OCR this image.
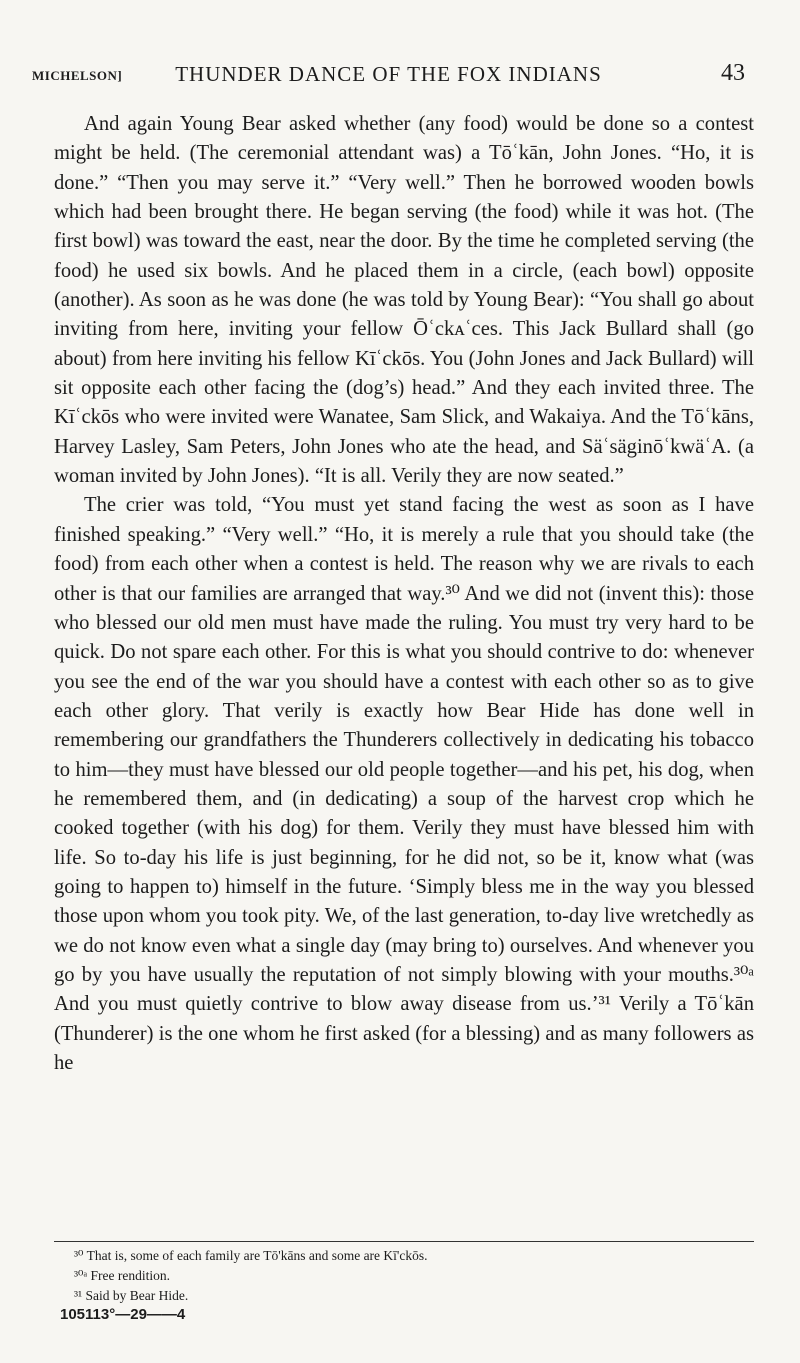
MICHELSON]	THUNDER DANCE OF THE FOX INDIANS	43

And again Young Bear asked whether (any food) would be done so a contest might be held. (The ceremonial attendant was) a Tōʿkān, John Jones. “Ho, it is done.” “Then you may serve it.” “Very well.” Then he borrowed wooden bowls which had been brought there. He began serving (the food) while it was hot. (The first bowl) was toward the east, near the door. By the time he completed serving (the food) he used six bowls. And he placed them in a circle, (each bowl) opposite (another). As soon as he was done (he was told by Young Bear): “You shall go about inviting from here, inviting your fellow Ōʿckᴀʿces. This Jack Bullard shall (go about) from here inviting his fellow Kīʿckōs. You (John Jones and Jack Bullard) will sit opposite each other facing the (dog’s) head.” And they each invited three. The Kīʿckōs who were invited were Wanatee, Sam Slick, and Wakaiya. And the Tōʿkāns, Harvey Lasley, Sam Peters, John Jones who ate the head, and SäʿsäginōʿkwäʿA. (a woman invited by John Jones). “It is all. Verily they are now seated.”

The crier was told, “You must yet stand facing the west as soon as I have finished speaking.” “Very well.” “Ho, it is merely a rule that you should take (the food) from each other when a contest is held. The reason why we are rivals to each other is that our families are arranged that way.³⁰ And we did not (invent this): those who blessed our old men must have made the ruling. You must try very hard to be quick. Do not spare each other. For this is what you should contrive to do: whenever you see the end of the war you should have a contest with each other so as to give each other glory. That verily is exactly how Bear Hide has done well in remembering our grandfathers the Thunderers collectively in dedicating his tobacco to him—they must have blessed our old people together—and his pet, his dog, when he remembered them, and (in dedicating) a soup of the harvest crop which he cooked together (with his dog) for them. Verily they must have blessed him with life. So to-day his life is just beginning, for he did not, so be it, know what (was going to happen to) himself in the future. ‘Simply bless me in the way you blessed those upon whom you took pity. We, of the last generation, to-day live wretchedly as we do not know even what a single day (may bring to) ourselves. And whenever you go by you have usually the reputation of not simply blowing with your mouths.³⁰ᵃ And you must quietly contrive to blow away disease from us.’³¹ Verily a Tōʿkān (Thunderer) is the one whom he first asked (for a blessing) and as many followers as he

³⁰ That is, some of each family are Tō'kāns and some are Kī'ckōs.

³⁰ᵃ Free rendition.

³¹ Said by Bear Hide.

105113°—29——4
